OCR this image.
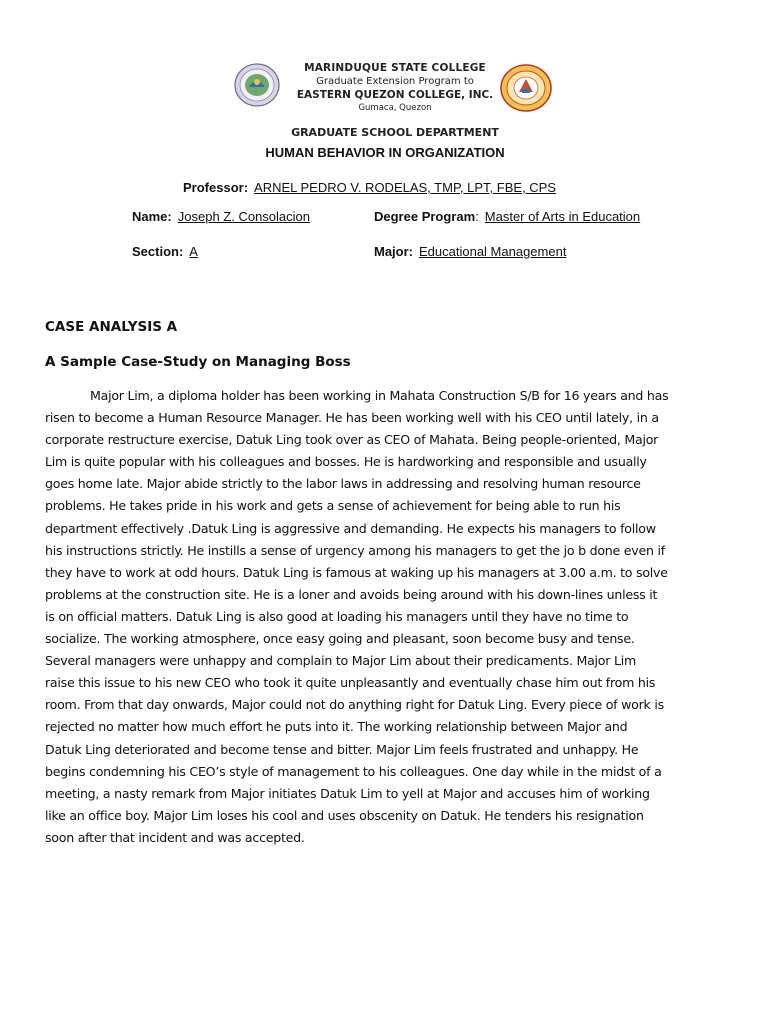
MARINDUQUE STATE COLLEGE
Graduate Extension Program to
EASTERN QUEZON COLLEGE, INC.
Gumaca, Quezon
GRADUATE SCHOOL DEPARTMENT
HUMAN BEHAVIOR IN ORGANIZATION
Professor: ARNEL PEDRO V. RODELAS, TMP, LPT, FBE, CPS
Name: Joseph Z. Consolacion	Degree Program: Master of Arts in Education
Section: A	Major: Educational Management
CASE ANALYSIS A
A Sample Case-Study on Managing Boss
Major Lim, a diploma holder has been working in Mahata Construction S/B for 16 years and has
risen to become a Human Resource Manager. He has been working well with his CEO until lately, in a
corporate restructure exercise, Datuk Ling took over as CEO of Mahata. Being people-oriented, Major
Lim is quite popular with his colleagues and bosses. He is hardworking and responsible and usually
goes home late. Major abide strictly to the labor laws in addressing and resolving human resource
problems. He takes pride in his work and gets a sense of achievement for being able to run his
department effectively .Datuk Ling is aggressive and demanding. He expects his managers to follow
his instructions strictly. He instills a sense of urgency among his managers to get the jo b done even if
they have to work at odd hours. Datuk Ling is famous at waking up his managers at 3.00 a.m. to solve
problems at the construction site. He is a loner and avoids being around with his down-lines unless it
is on official matters. Datuk Ling is also good at loading his managers until they have no time to
socialize. The working atmosphere, once easy going and pleasant, soon become busy and tense.
Several managers were unhappy and complain to Major Lim about their predicaments. Major Lim
raise this issue to his new CEO who took it quite unpleasantly and eventually chase him out from his
room. From that day onwards, Major could not do anything right for Datuk Ling. Every piece of work is
rejected no matter how much effort he puts into it. The working relationship between Major and
Datuk Ling deteriorated and become tense and bitter. Major Lim feels frustrated and unhappy. He
begins condemning his CEO’s style of management to his colleagues. One day while in the midst of a
meeting, a nasty remark from Major initiates Datuk Lim to yell at Major and accuses him of working
like an office boy. Major Lim loses his cool and uses obscenity on Datuk. He tenders his resignation
soon after that incident and was accepted.
